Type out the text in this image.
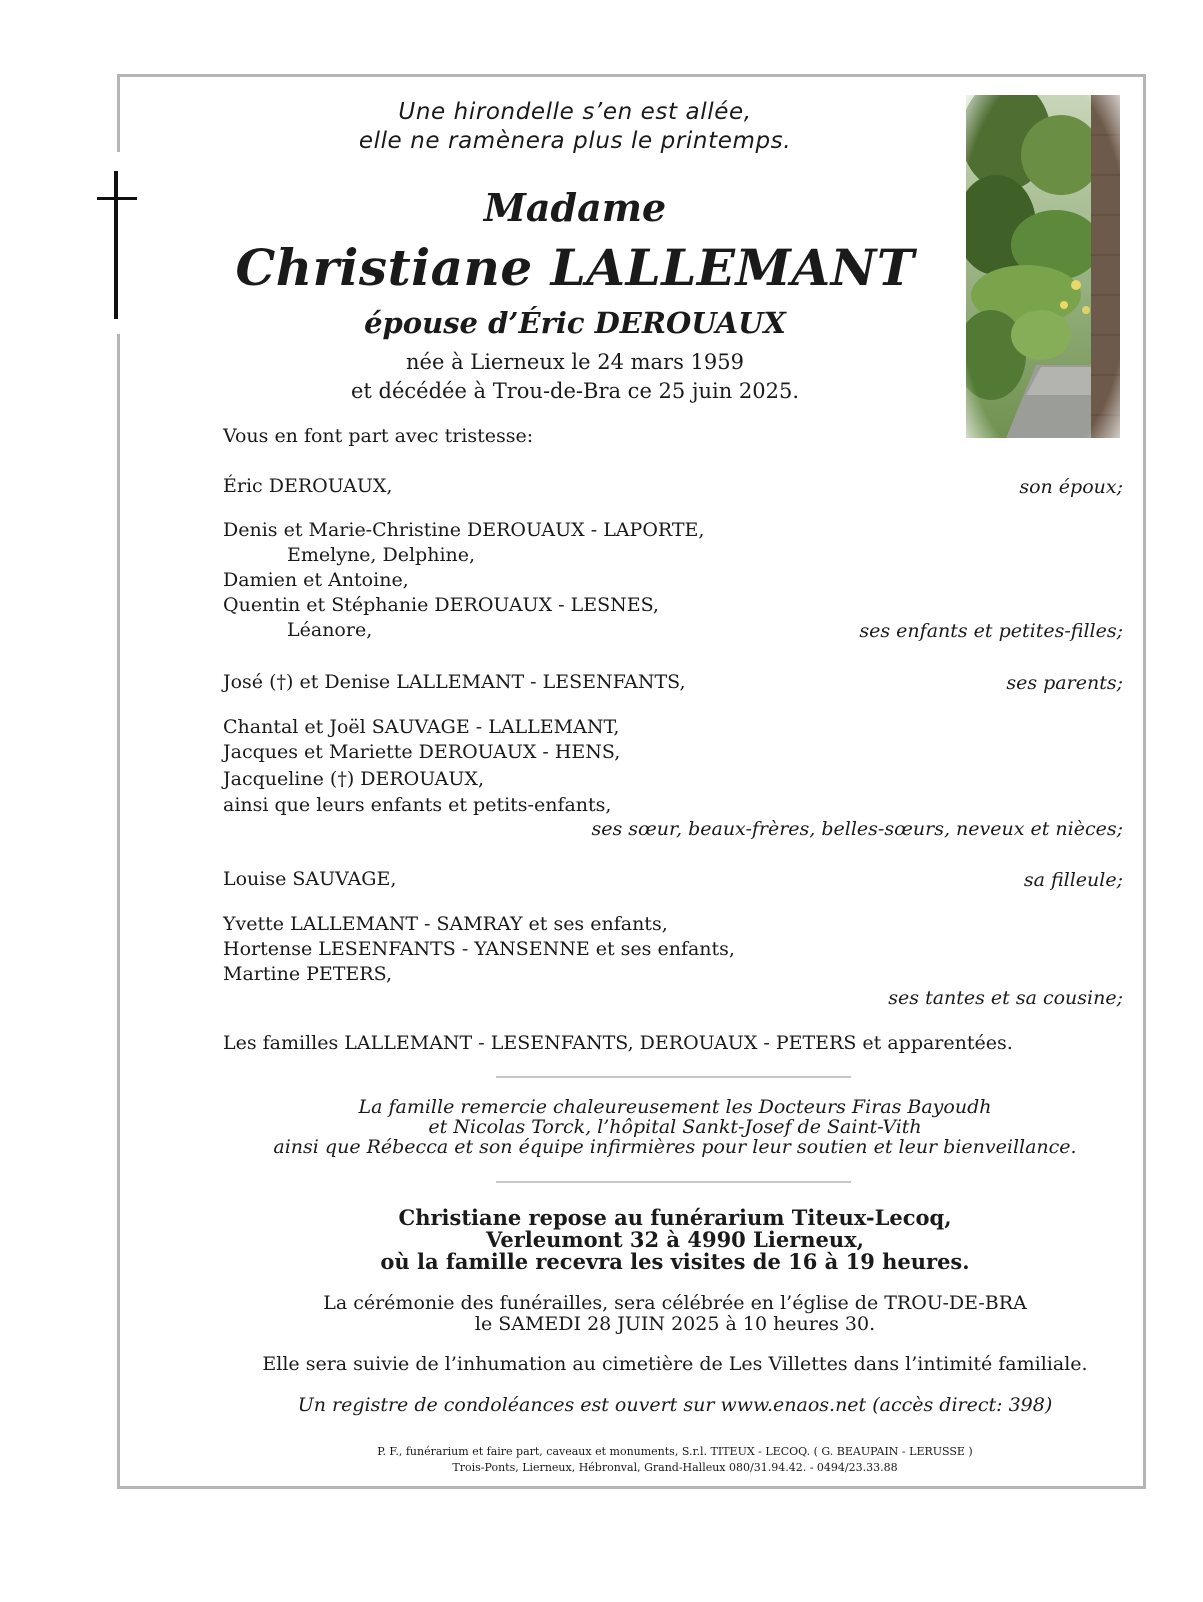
Une hirondelle s’en est allée,
elle ne ramènera plus le printemps.
Madame
Christiane LALLEMANT
épouse d’Éric DEROUAUX
née à Lierneux le 24 mars 1959
et décédée à Trou-de-Bra ce 25 juin 2025.
Vous en font part avec tristesse:
Éric DEROUAUX,	son époux;
Denis et Marie-Christine DEROUAUX - LAPORTE,
Emelyne, Delphine,
Damien et Antoine,
Quentin et Stéphanie DEROUAUX - LESNES,
Léanore,	ses enfants et petites-filles;
José (†) et Denise LALLEMANT - LESENFANTS,	ses parents;
Chantal et Joël SAUVAGE - LALLEMANT,
Jacques et Mariette DEROUAUX - HENS,
Jacqueline (†) DEROUAUX,
ainsi que leurs enfants et petits-enfants,
ses sœur, beaux-frères, belles-sœurs, neveux et nièces;
Louise SAUVAGE,	sa filleule;
Yvette LALLEMANT - SAMRAY et ses enfants,
Hortense LESENFANTS - YANSENNE et ses enfants,
Martine PETERS,
ses tantes et sa cousine;
Les familles LALLEMANT - LESENFANTS, DEROUAUX - PETERS et apparentées.
La famille remercie chaleureusement les Docteurs Firas Bayoudh
et Nicolas Torck, l’hôpital Sankt-Josef de Saint-Vith
ainsi que Rébecca et son équipe infirmières pour leur soutien et leur bienveillance.
Christiane repose au funérarium Titeux-Lecoq,
Verleumont 32 à 4990 Lierneux,
où la famille recevra les visites de 16 à 19 heures.
La cérémonie des funérailles, sera célébrée en l’église de TROU-DE-BRA
le SAMEDI 28 JUIN 2025 à 10 heures 30.
Elle sera suivie de l’inhumation au cimetière de Les Villettes dans l’intimité familiale.
Un registre de condoléances est ouvert sur www.enaos.net (accès direct: 398)
P. F., funérarium et faire part, caveaux et monuments, S.r.l. TITEUX - LECOQ. ( G. BEAUPAIN - LERUSSE )
Trois-Ponts, Lierneux, Hébronval, Grand-Halleux 080/31.94.42. - 0494/23.33.88
